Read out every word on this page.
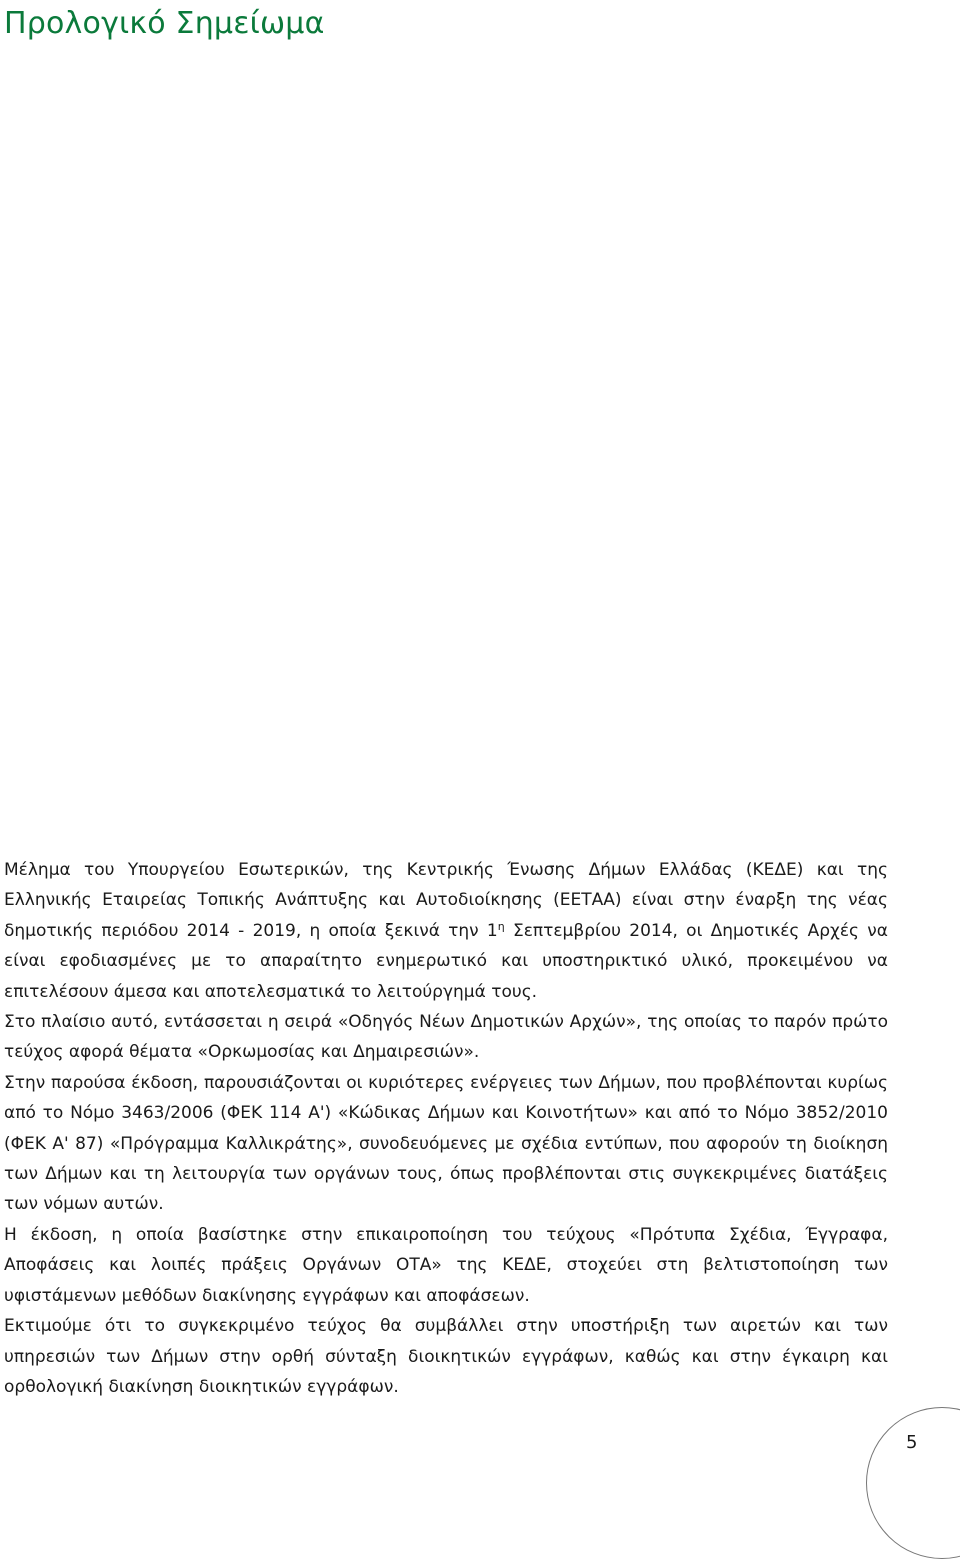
Προλογικό Σημείωμα

Μέλημα του Υπουργείου Εσωτερικών, της Κεντρικής Ένωσης Δήμων Ελλάδας (ΚΕΔΕ) και της Ελληνικής Εταιρείας Τοπικής Ανάπτυξης και Αυτοδιοίκησης (ΕΕΤΑΑ) είναι στην έναρξη της νέας δημοτικής περιόδου 2014 - 2019, η οποία ξεκινά την $1^\eta$ Σεπτεμβρίου 2014, οι Δημοτικές Αρχές να είναι εφοδιασμένες με το απαραίτητο ενημερωτικό και υποστηρικτικό υλικό, προκειμένου να επιτελέσουν άμεσα και αποτελεσματικά το λειτούργημά τους.

Στο πλαίσιο αυτό, εντάσσεται η σειρά «Οδηγός Νέων Δημοτικών Αρχών», της οποίας το παρόν πρώτο τεύχος αφορά θέματα «Ορκωμοσίας και Δημαιρεσιών».

Στην παρούσα έκδοση, παρουσιάζονται οι κυριότερες ενέργειες των Δήμων, που προβλέπονται κυρίως από το Νόμο 3463/2006 (ΦΕΚ 114 Α') «Κώδικας Δήμων και Κοινοτήτων» και από το Νόμο 3852/2010 (ΦΕΚ Α' 87) «Πρόγραμμα Καλλικράτης», συνοδευόμενες με σχέδια εντύπων, που αφορούν τη διοίκηση των Δήμων και τη λειτουργία των οργάνων τους, όπως προβλέπονται στις συγκεκριμένες διατάξεις των νόμων αυτών.

Η έκδοση, η οποία βασίστηκε στην επικαιροποίηση του τεύχους «Πρότυπα Σχέδια, Έγγραφα, Αποφάσεις και λοιπές πράξεις Οργάνων ΟΤΑ» της ΚΕΔΕ, στοχεύει στη βελτιστοποίηση των υφιστάμενων μεθόδων διακίνησης εγγράφων και αποφάσεων.

Εκτιμούμε ότι το συγκεκριμένο τεύχος θα συμβάλλει στην υποστήριξη των αιρετών και των υπηρεσιών των Δήμων στην ορθή σύνταξη διοικητικών εγγράφων, καθώς και στην έγκαιρη και ορθολογική διακίνηση διοικητικών εγγράφων.

5
